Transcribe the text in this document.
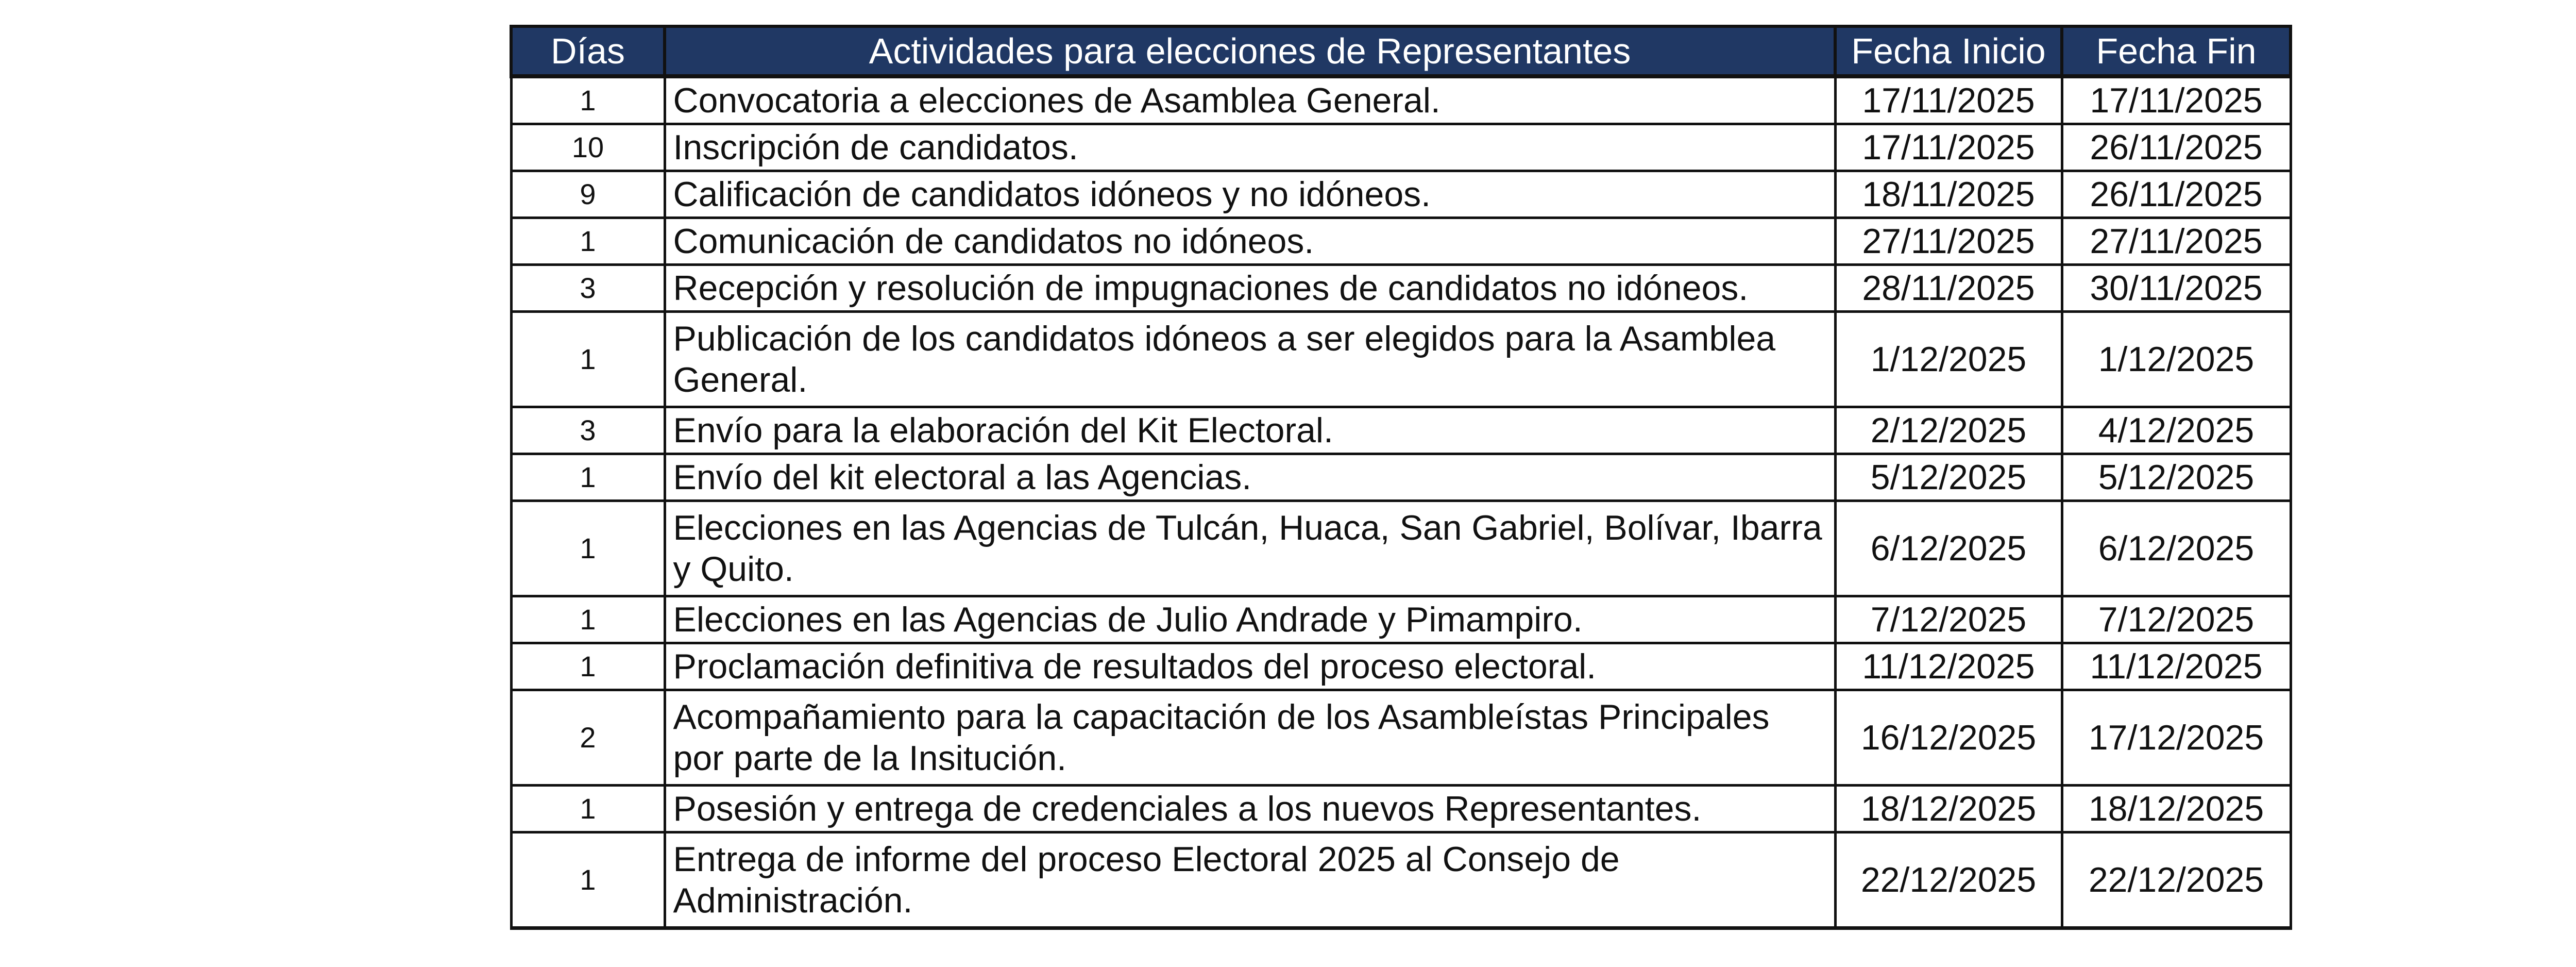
Días	Actividades para elecciones de Representantes	Fecha Inicio	Fecha Fin
1	Convocatoria a elecciones de Asamblea General.	17/11/2025	17/11/2025
10	Inscripción de candidatos.	17/11/2025	26/11/2025
9	Calificación de candidatos idóneos y no idóneos.	18/11/2025	26/11/2025
1	Comunicación de candidatos no idóneos.	27/11/2025	27/11/2025
3	Recepción y resolución de impugnaciones de candidatos no idóneos.	28/11/2025	30/11/2025
1	Publicación de los candidatos idóneos a ser elegidos para la Asamblea General.	1/12/2025	1/12/2025
3	Envío para la elaboración del Kit Electoral.	2/12/2025	4/12/2025
1	Envío del kit electoral a las Agencias.	5/12/2025	5/12/2025
1	Elecciones en las Agencias de Tulcán, Huaca, San Gabriel, Bolívar, Ibarra y Quito.	6/12/2025	6/12/2025
1	Elecciones en las Agencias de Julio Andrade y Pimampiro.	7/12/2025	7/12/2025
1	Proclamación definitiva de resultados del proceso electoral.	11/12/2025	11/12/2025
2	Acompañamiento para la capacitación de los Asambleístas Principales por parte de la Insitución.	16/12/2025	17/12/2025
1	Posesión y entrega de credenciales a los nuevos Representantes.	18/12/2025	18/12/2025
1	Entrega de informe del proceso Electoral 2025 al Consejo de Administración.	22/12/2025	22/12/2025
